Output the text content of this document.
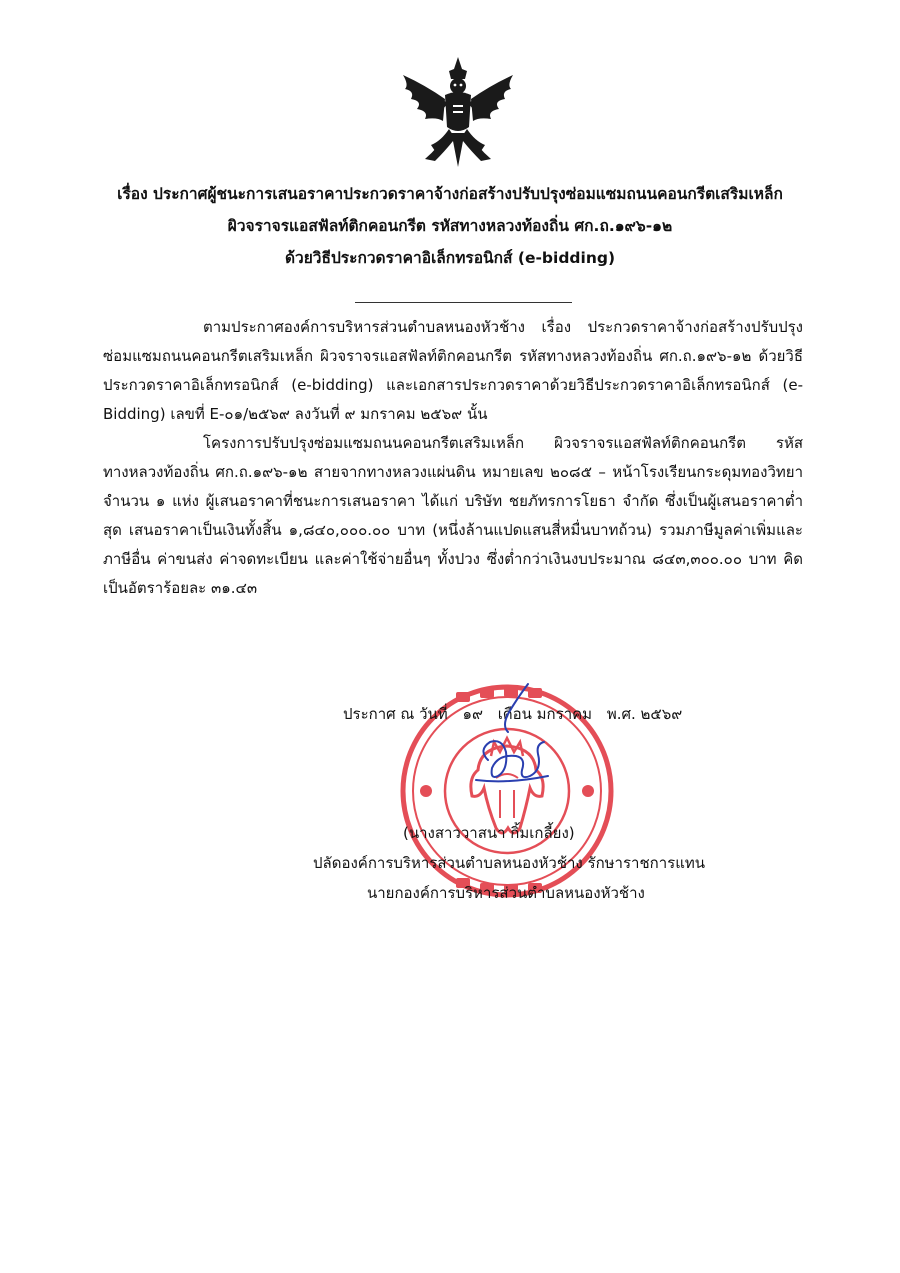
เรื่อง ประกาศผู้ชนะการเสนอราคาประกวดราคาจ้างก่อสร้างปรับปรุงซ่อมแซมถนนคอนกรีตเสริมเหล็ก
ผิวจราจรแอสฟัลท์ติกคอนกรีต รหัสทางหลวงท้องถิ่น ศก.ถ.๑๙๖-๑๒
ด้วยวิธีประกวดราคาอิเล็กทรอนิกส์ (e-bidding)

ตามประกาศองค์การบริหารส่วนตำบลหนองหัวช้าง เรื่อง ประกวดราคาจ้างก่อสร้างปรับปรุงซ่อมแซมถนนคอนกรีตเสริมเหล็ก ผิวจราจรแอสฟัลท์ติกคอนกรีต รหัสทางหลวงท้องถิ่น ศก.ถ.๑๙๖-๑๒ ด้วยวิธีประกวดราคาอิเล็กทรอนิกส์ (e-bidding) และเอกสารประกวดราคาด้วยวิธีประกวดราคาอิเล็กทรอนิกส์ (e-Bidding) เลขที่ E-๐๑/๒๕๖๙ ลงวันที่ ๙ มกราคม ๒๕๖๙ นั้น

โครงการปรับปรุงซ่อมแซมถนนคอนกรีตเสริมเหล็ก ผิวจราจรแอสฟัลท์ติกคอนกรีต รหัสทางหลวงท้องถิ่น ศก.ถ.๑๙๖-๑๒ สายจากทางหลวงแผ่นดิน หมายเลข ๒๐๘๕ – หน้าโรงเรียนกระดุมทองวิทยา จำนวน ๑ แห่ง ผู้เสนอราคาที่ชนะการเสนอราคา ได้แก่ บริษัท ชยภัทรการโยธา จำกัด ซึ่งเป็นผู้เสนอราคาต่ำสุด เสนอราคาเป็นเงินทั้งสิ้น ๑,๘๔๐,๐๐๐.๐๐ บาท (หนึ่งล้านแปดแสนสี่หมื่นบาทถ้วน) รวมภาษีมูลค่าเพิ่มและภาษีอื่น ค่าขนส่ง ค่าจดทะเบียน และค่าใช้จ่ายอื่นๆ ทั้งปวง ซึ่งต่ำกว่าเงินงบประมาณ ๘๔๓,๓๐๐.๐๐ บาท คิดเป็นอัตราร้อยละ ๓๑.๔๓

ประกาศ ณ วันที่ ๑๙ เดือน มกราคม พ.ศ. ๒๕๖๙
(นางสาววาสนา กิ้มเกลี้ยง)
ปลัดองค์การบริหารส่วนตำบลหนองหัวช้าง รักษาราชการแทน
นายกองค์การบริหารส่วนตำบลหนองหัวช้าง
